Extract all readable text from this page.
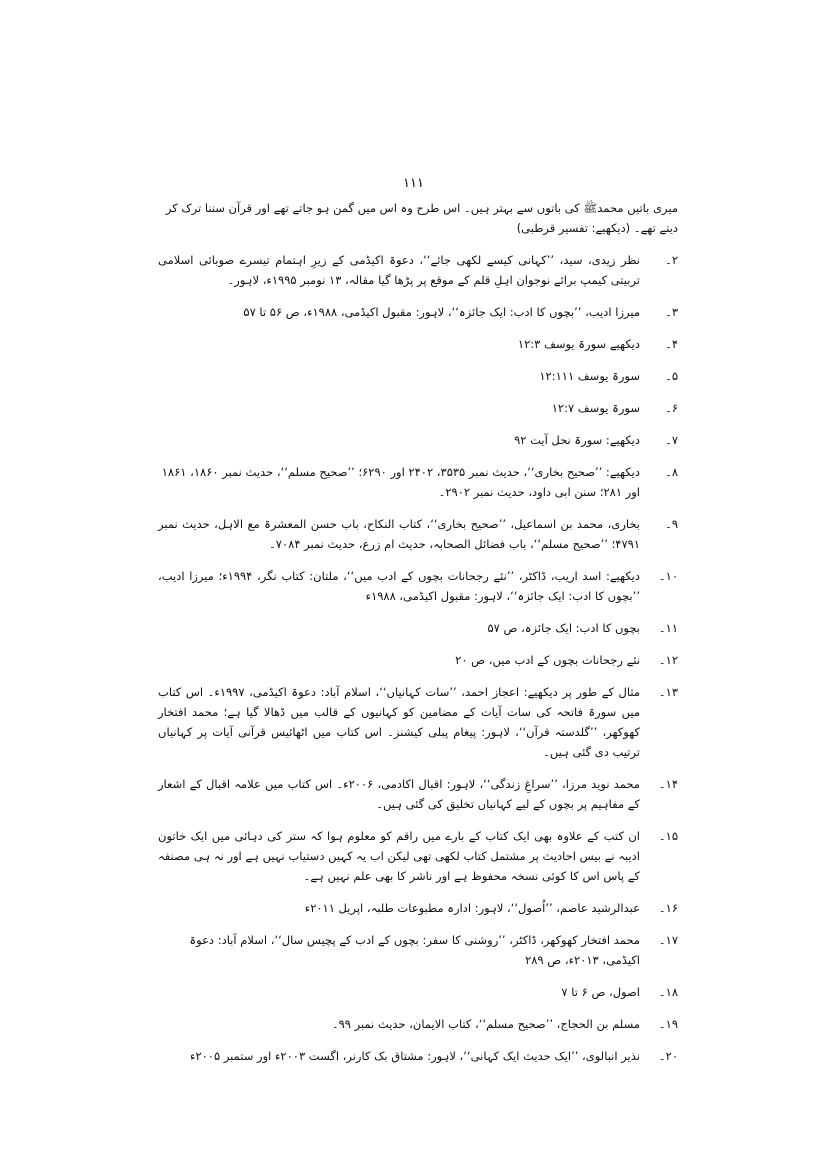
۱۱۱

میری باتیں محمدﷺ کی باتوں سے بہتر ہیں۔ اس طرح وہ اس میں گمن ہو جاتے تھے اور قرآن سننا ترک کر دیتے تھے۔ (دیکھیے: تفسیر قرطبی)

۲۔
نظر زیدی، سید، ’’کہانی کیسے لکھی جائے‘‘، دعوۃ اکیڈمی کے زیرِ اہتمام تیسرے صوبائی اسلامی تربیتی کیمپ برائے نوجوان اہلِ قلم کے موقع پر پڑھا گیا مقالہ، ۱۳ نومبر ۱۹۹۵ء، لاہور۔
۳۔
میرزا ادیب، ’’بچوں کا ادب: ایک جائزہ‘‘، لاہور: مقبول اکیڈمی، ۱۹۸۸ء، ص ۵۶ تا ۵۷
۴۔
دیکھیے سورۃ یوسف ۱۲:۳
۵۔
سورۃ یوسف ۱۲:۱۱۱
۶۔
سورۃ یوسف ۱۲:۷
۷۔
دیکھیے: سورۃ نحل آیت ۹۲
۸۔
دیکھیے: ’’صحیح بخاری‘‘، حدیث نمبر ۳۵۳۵، ۲۴۰۲ اور ۶۲۹۰؛ ’’صحیح مسلم‘‘، حدیث نمبر ۱۸۶۰، ۱۸۶۱ اور ۲۸۱؛ سنن ابی داود، حدیث نمبر ۲۹۰۲۔
۹۔
بخاری، محمد بن اسماعیل، ’’صحیح بخاری‘‘، کتاب النکاح، باب حسن المعشرۃ مع الاہل، حدیث نمبر ۴۷۹۱؛ ’’صحیح مسلم‘‘، باب فضائل الصحابہ، حدیث ام زرع، حدیث نمبر ۷۰۸۴۔
۱۰۔
دیکھیے: اسد اریب، ڈاکٹر، ’’نئے رجحانات بچوں کے ادب میں‘‘، ملتان: کتاب نگر، ۱۹۹۴ء؛ میرزا ادیب، ’’بچوں کا ادب: ایک جائزہ‘‘، لاہور: مقبول اکیڈمی، ۱۹۸۸ء
۱۱۔
بچوں کا ادب: ایک جائزہ، ص ۵۷
۱۲۔
نئے رجحانات بچوں کے ادب میں، ص ۲۰
۱۳۔
مثال کے طور پر دیکھیے: اعجاز احمد، ’’سات کہانیاں‘‘، اسلام آباد: دعوۃ اکیڈمی، ۱۹۹۷ء۔ اس کتاب میں سورۃ فاتحہ کی سات آیات کے مضامین کو کہانیوں کے قالب میں ڈھالا گیا ہے؛ محمد افتخار کھوکھر، ’’گلدستہ قرآن‘‘، لاہور: پیغام پبلی کیشنز۔ اس کتاب میں اٹھائیس قرآنی آیات پر کہانیاں ترتیب دی گئی ہیں۔
۱۴۔
محمد نوید مرزا، ’’سراغِ زندگی‘‘، لاہور: اقبال اکادمی، ۲۰۰۶ء۔ اس کتاب میں علامہ اقبال کے اشعار کے مفاہیم پر بچوں کے لیے کہانیاں تخلیق کی گئی ہیں۔
۱۵۔
ان کتب کے علاوہ بھی ایک کتاب کے بارے میں راقم کو معلوم ہوا کہ ستر کی دہائی میں ایک خاتون ادیبہ نے بیس احادیث پر مشتمل کتاب لکھی تھی لیکن اب یہ کہیں دستیاب نہیں ہے اور نہ ہی مصنفہ کے پاس اس کا کوئی نسخہ محفوظ ہے اور ناشر کا بھی علم نہیں ہے۔
۱۶۔
عبدالرشید عاصم، ’’اُصول‘‘، لاہور: ادارہ مطبوعات طلبہ، اپریل ۲۰۱۱ء
۱۷۔
محمد افتخار کھوکھر، ڈاکٹر، ’’روشنی کا سفر: بچوں کے ادب کے پچیس سال‘‘، اسلام آباد: دعوۃ اکیڈمی، ۲۰۱۳ء، ص ۲۸۹
۱۸۔
اصول، ص ۶ تا ۷
۱۹۔
مسلم بن الحجاج، ’’صحیح مسلم‘‘، کتاب الایمان، حدیث نمبر ۹۹۔
۲۰۔
نذیر انبالوی، ’’ایک حدیث ایک کہانی‘‘، لاہور: مشتاق بک کارنر، اگست ۲۰۰۳ء اور ستمبر ۲۰۰۵ء
